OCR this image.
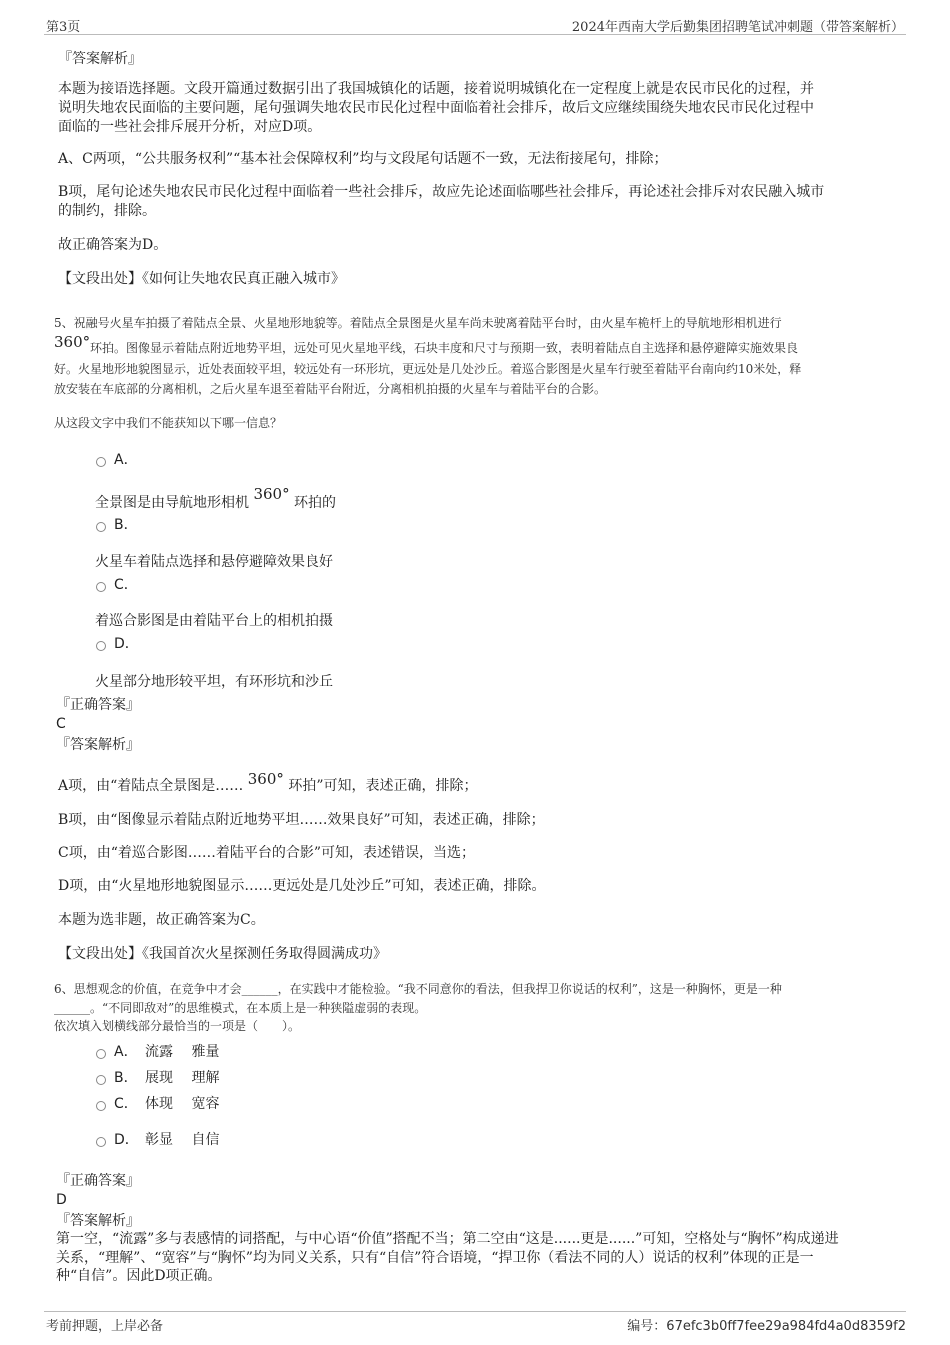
第3页	2024年西南大学后勤集团招聘笔试冲刺题（带答案解析）
『答案解析』
本题为接语选择题。文段开篇通过数据引出了我国城镇化的话题，接着说明城镇化在一定程度上就是农民市民化的过程，并
说明失地农民面临的主要问题，尾句强调失地农民市民化过程中面临着社会排斥，故后文应继续围绕失地农民市民化过程中
面临的一些社会排斥展开分析，对应D项。
A、C两项，“公共服务权利”“基本社会保障权利”均与文段尾句话题不一致，无法衔接尾句，排除；
B项，尾句论述失地农民市民化过程中面临着一些社会排斥，故应先论述面临哪些社会排斥，再论述社会排斥对农民融入城市
的制约，排除。
故正确答案为D。
【文段出处】《如何让失地农民真正融入城市》
5、祝融号火星车拍摄了着陆点全景、火星地形地貌等。着陆点全景图是火星车尚未驶离着陆平台时，由火星车桅杆上的导航地形相机进行
360° 环拍。图像显示着陆点附近地势平坦，远处可见火星地平线，石块丰度和尺寸与预期一致，表明着陆点自主选择和悬停避障实施效果良
好。火星地形地貌图显示，近处表面较平坦，较远处有一环形坑，更远处是几处沙丘。着巡合影图是火星车行驶至着陆平台南向约10米处，释
放安装在车底部的分离相机，之后火星车退至着陆平台附近，分离相机拍摄的火星车与着陆平台的合影。
从这段文字中我们不能获知以下哪一信息？
A．
全景图是由导航地形相机 360° 环拍的
B．
火星车着陆点选择和悬停避障效果良好
C．
着巡合影图是由着陆平台上的相机拍摄
D．
火星部分地形较平坦，有环形坑和沙丘
『正确答案』
C
『答案解析』
A项，由“着陆点全景图是…… 360° 环拍”可知，表述正确，排除；
B项，由“图像显示着陆点附近地势平坦……效果良好”可知，表述正确，排除；
C项，由“着巡合影图……着陆平台的合影”可知，表述错误，当选；
D项，由“火星地形地貌图显示……更远处是几处沙丘”可知，表述正确，排除。
本题为选非题，故正确答案为C。
【文段出处】《我国首次火星探测任务取得圆满成功》
6、思想观念的价值，在竞争中才会______，在实践中才能检验。“我不同意你的看法，但我捍卫你说话的权利”，这是一种胸怀，更是一种
______。“不同即敌对”的思维模式，在本质上是一种狭隘虚弱的表现。
依次填入划横线部分最恰当的一项是（　　）。
A． 流露　 雅量
B． 展现　 理解
C． 体现　 宽容
D． 彰显　 自信
『正确答案』
D
『答案解析』
第一空，“流露”多与表感情的词搭配，与中心语“价值”搭配不当；第二空由“这是......更是......”可知，空格处与“胸怀”构成递进
关系，“理解”、“宽容”与“胸怀”均为同义关系，只有“自信”符合语境，“捍卫你（看法不同的人）说话的权利”体现的正是一
种“自信”。因此D项正确。
考前押题，上岸必备	编号：67efc3b0ff7fee29a984fd4a0d8359f2
